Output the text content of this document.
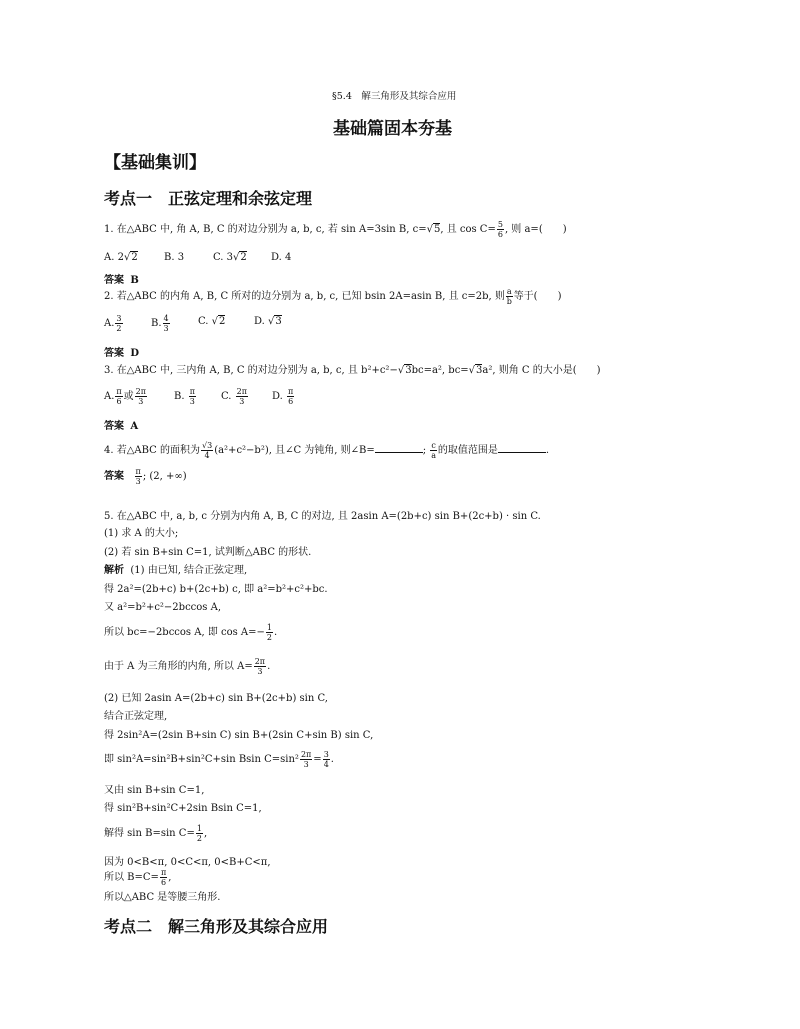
§5.4　解三角形及其综合应用
基础篇固本夯基
【基础集训】
考点一　正弦定理和余弦定理
1. 在△ABC 中, 角 A, B, C 的对边分别为 a, b, c, 若 sin A=3sin B, c=√5, 且 $\cos C= \frac{5}{6}$ , 则 a=(　　)
A. 2√2	B. 3	C. 3√2 D. 4
答案 B
2. 若△ABC 的内角 A, B, C 所对的边分别为 a, b, c, 已知 bsin 2A=asin B, 且 c=2b, 则 $\frac{a}{b}$ 等于(　　)
A. $\frac{3}{2}$	B. $\frac{4}{3}$	C. √2	D. √3
答案 D
3. 在△ABC 中, 三内角 A, B, C 的对边分别为 a, b, c, 且 b²+c²−√3bc=a², bc=√3a², 则角 C 的大小是(　　)
A. $\frac{\pi}{6}$ 或 $\frac{2\pi}{3}$	B. $\frac{\pi}{3}$	C. $\frac{2\pi}{3} D$. $\frac{\pi}{6}$
答案 A
4. 若△ABC 的面积为 $\frac{√3}{4} (a^2+c^2-b^2)$, 且∠C 为钝角, 则∠B=	; $\frac{c}{a}$ 的取值范围是	.
答案 $\frac{\pi}{3}$ ; (2, +∞)
5. 在△ABC 中, a, b, c 分别为内角 A, B, C 的对边, 且 2asin A=(2b+c) sin B+(2c+b) · sin C.
(1) 求 A 的大小;
(2) 若 sin B+sin C=1, 试判断△ABC 的形状.
解析 (1) 由已知, 结合正弦定理,
得 2a²=(2b+c) b+(2c+b) c, 即 a²=b²+c²+bc.
又 a²=b²+c²−2bccos A,
所以 bc=−2bccos A, 即 $\cos A=- \frac{1}{2}$ .
由于 A 为三角形的内角, 所以 $A= \frac{2\pi}{3}$ .
(2) 已知 2asin A=(2b+c) sin B+(2c+b) sin C,
结合正弦定理,
得 2sin²A=(2sin B+sin C) sin B+(2sin C+sin B) sin C,
即 sin²A=sin²B+sin²C+sin Bsin $C=\sin^2 \frac{2\pi}{3} = \frac{3}{4}$ .
又由 sin B+sin C=1,
得 sin²B+sin²C+2sin Bsin C=1,
解得 sin B=sin $C= \frac{1}{2}$ ,
因为 0<B<π, 0<C<π, 0<B+C<π,
所以 $B=C= \frac{\pi}{6}$ ,
所以△ABC 是等腰三角形.
考点二　解三角形及其综合应用
